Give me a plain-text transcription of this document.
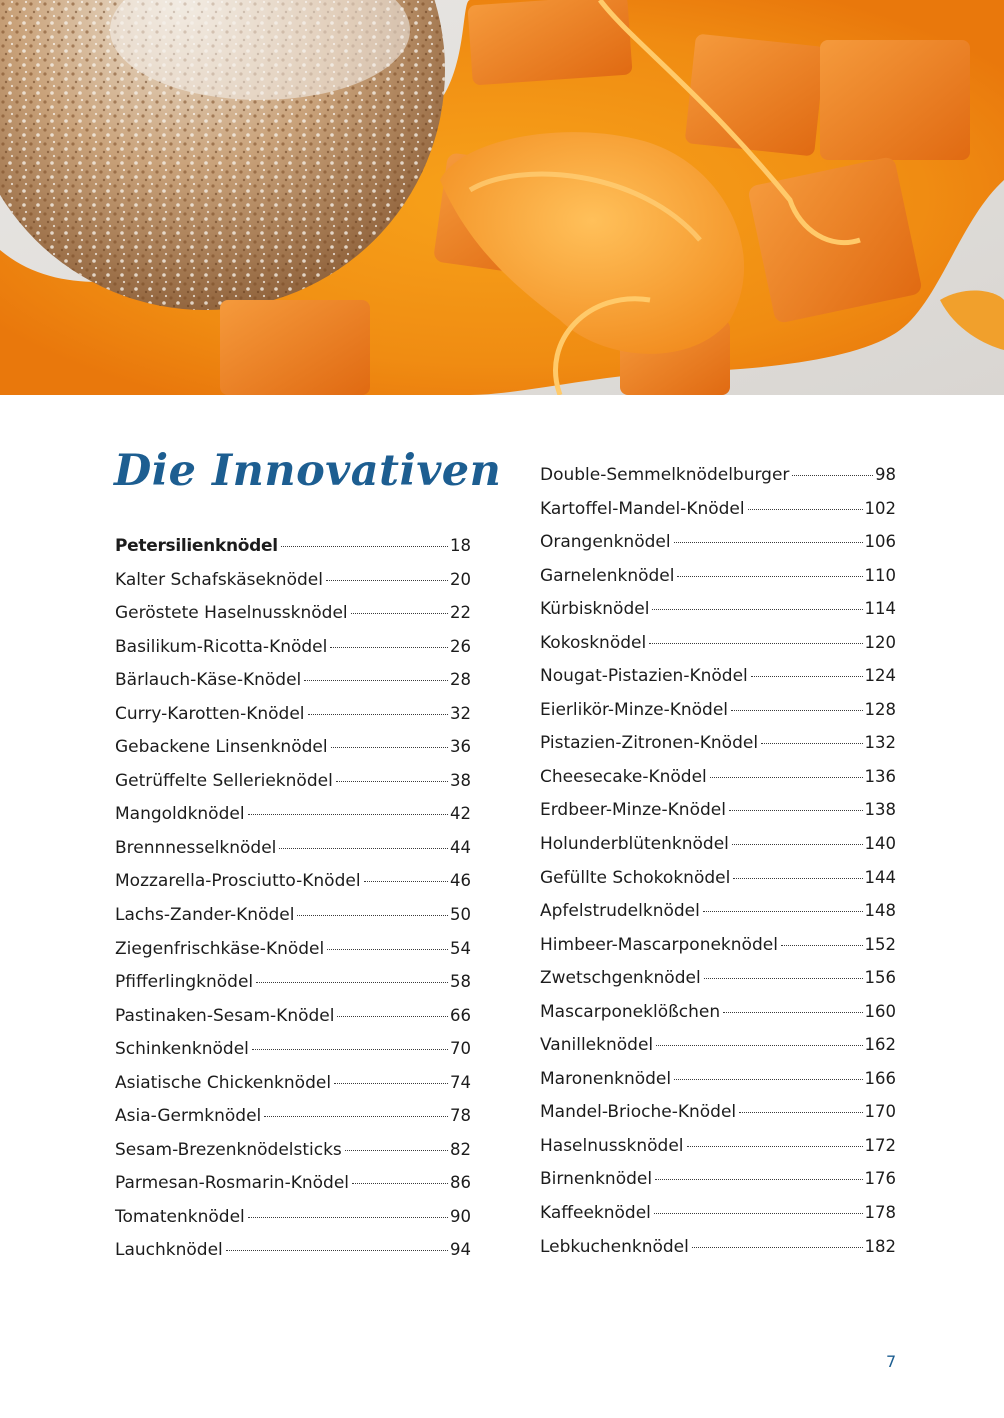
Die Innovativen
Petersilienknödel	18
Kalter Schafskäseknödel	20
Geröstete Haselnussknödel	22
Basilikum-Ricotta-Knödel	26
Bärlauch-Käse-Knödel	28
Curry-Karotten-Knödel	32
Gebackene Linsenknödel	36
Getrüffelte Sellerieknödel	38
Mangoldknödel	42
Brennnesselknödel	44
Mozzarella-Prosciutto-Knödel	46
Lachs-Zander-Knödel	50
Ziegenfrischkäse-Knödel	54
Pfifferlingknödel	58
Pastinaken-Sesam-Knödel	66
Schinkenknödel	70
Asiatische Chickenknödel	74
Asia-Germknödel	78
Sesam-Brezenknödelsticks	82
Parmesan-Rosmarin-Knödel	86
Tomatenknödel	90
Lauchknödel	94
Double-Semmelknödelburger	98
Kartoffel-Mandel-Knödel	102
Orangenknödel	106
Garnelenknödel	110
Kürbisknödel	114
Kokosknödel	120
Nougat-Pistazien-Knödel	124
Eierlikör-Minze-Knödel	128
Pistazien-Zitronen-Knödel	132
Cheesecake-Knödel	136
Erdbeer-Minze-Knödel	138
Holunderblütenknödel	140
Gefüllte Schokoknödel	144
Apfelstrudelknödel	148
Himbeer-Mascarponeknödel	152
Zwetschgenknödel	156
Mascarponeklößchen	160
Vanilleknödel	162
Maronenknödel	166
Mandel-Brioche-Knödel	170
Haselnussknödel	172
Birnenknödel	176
Kaffeeknödel	178
Lebkuchenknödel	182
7
